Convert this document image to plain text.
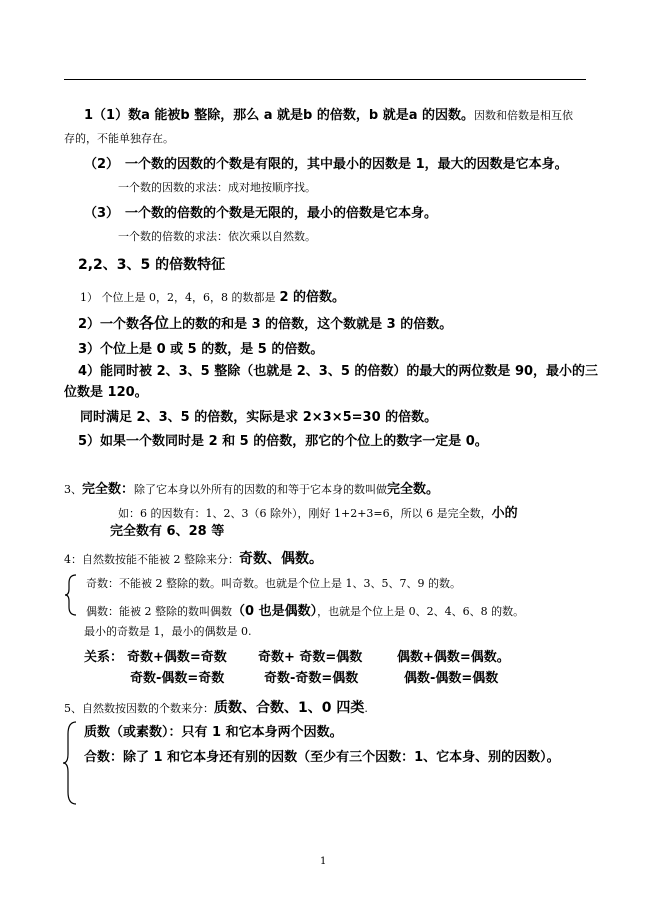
1（1）数a 能被b 整除，那么 a 就是b 的倍数，b 就是a 的因数。因数和倍数是相互依
存的，不能单独存在。
（2） 一个数的因数的个数是有限的，其中最小的因数是 1，最大的因数是它本身。
一个数的因数的求法：成对地按顺序找。
（3） 一个数的倍数的个数是无限的，最小的倍数是它本身。
一个数的倍数的求法：依次乘以自然数。
2,2、3、5 的倍数特征
1） 个位上是 0，2，4，6，8 的数都是 2 的倍数。
2）一个数各位上的数的和是 3 的倍数，这个数就是 3 的倍数。
3）个位上是 0 或 5 的数，是 5 的倍数。
4）能同时被 2、3、5 整除（也就是 2、3、5 的倍数）的最大的两位数是 90，最小的三
位数是 120。
同时满足 2、3、5 的倍数，实际是求 2×3×5=30 的倍数。
5）如果一个数同时是 2 和 5 的倍数，那它的个位上的数字一定是 0。
3、完全数：除了它本身以外所有的因数的和等于它本身的数叫做完全数。
如：6 的因数有：1、2、3（6 除外），刚好 1+2+3=6，所以 6 是完全数，小的
完全数有 6、28 等
4：自然数按能不能被 2 整除来分：奇数、偶数。
奇数：不能被 2 整除的数。叫奇数。也就是个位上是 1、3、5、7、9 的数。
偶数：能被 2 整除的数叫偶数（0 也是偶数），也就是个位上是 0、2、4、6、8 的数。
最小的奇数是 1，最小的偶数是 0.
关系： 奇数+偶数=奇数 奇数+ 奇数=偶数	偶数+偶数=偶数。
奇数-偶数=奇数	奇数-奇数=偶数	偶数-偶数=偶数
5、自然数按因数的个数来分：质数、合数、1、0 四类.
质数（或素数）：只有 1 和它本身两个因数。
合数：除了 1 和它本身还有别的因数（至少有三个因数：1、它本身、别的因数）。
1
